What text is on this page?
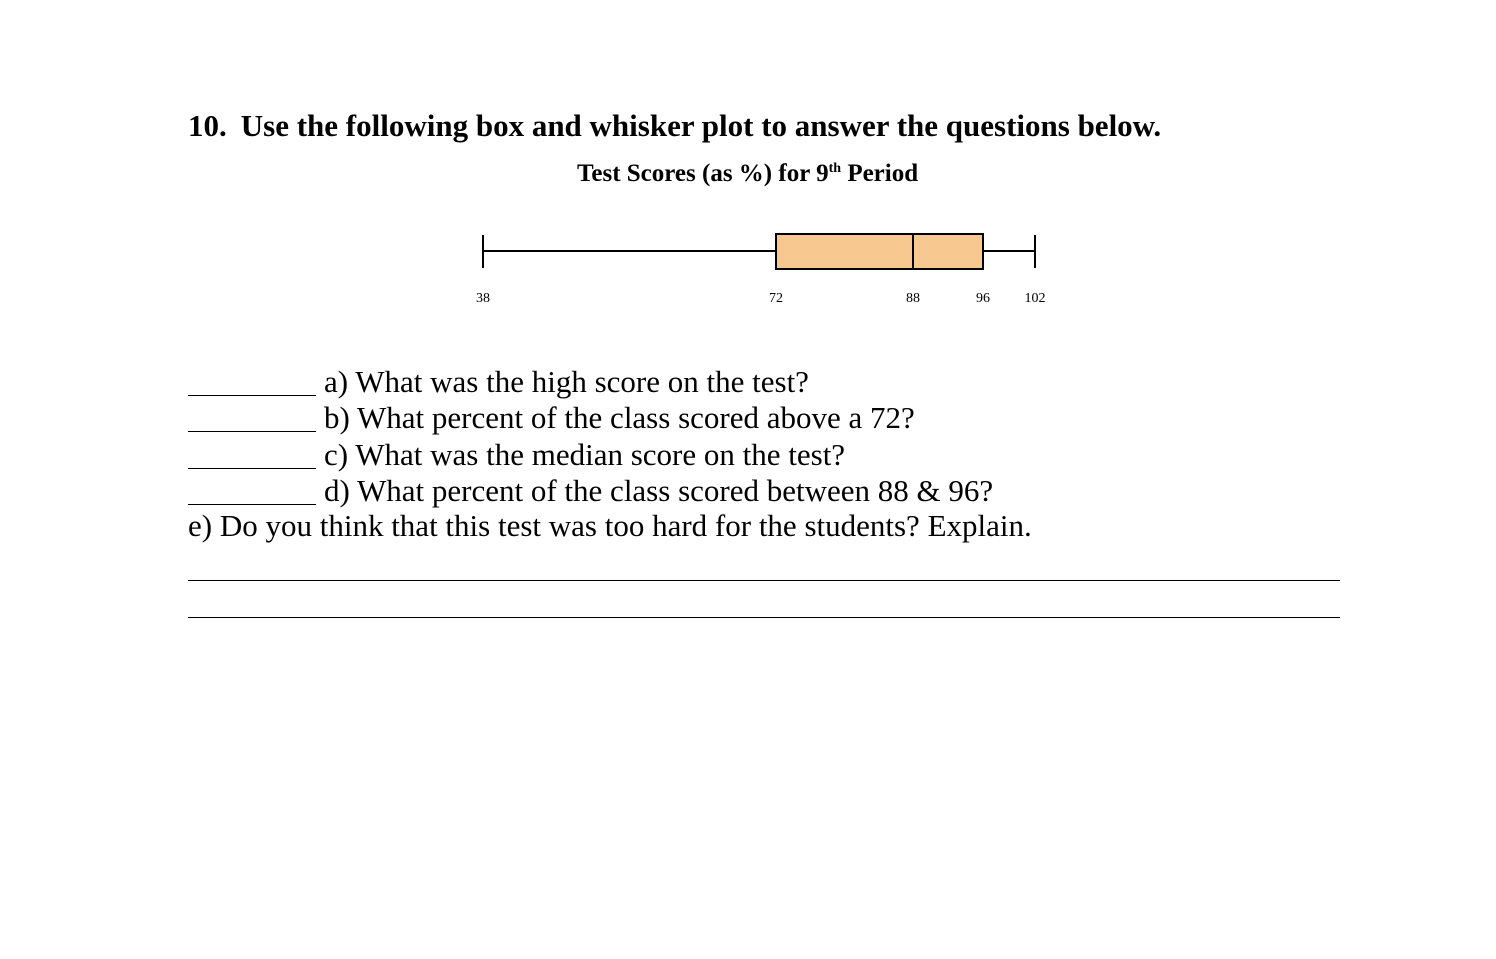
10. Use the following box and whisker plot to answer the questions below.
Test Scores (as %) for 9th Period
38	72	88	96 102
a) What was the high score on the test?
b) What percent of the class scored above a 72?
c) What was the median score on the test?
d) What percent of the class scored between 88 & 96?
e) Do you think that this test was too hard for the students? Explain.
